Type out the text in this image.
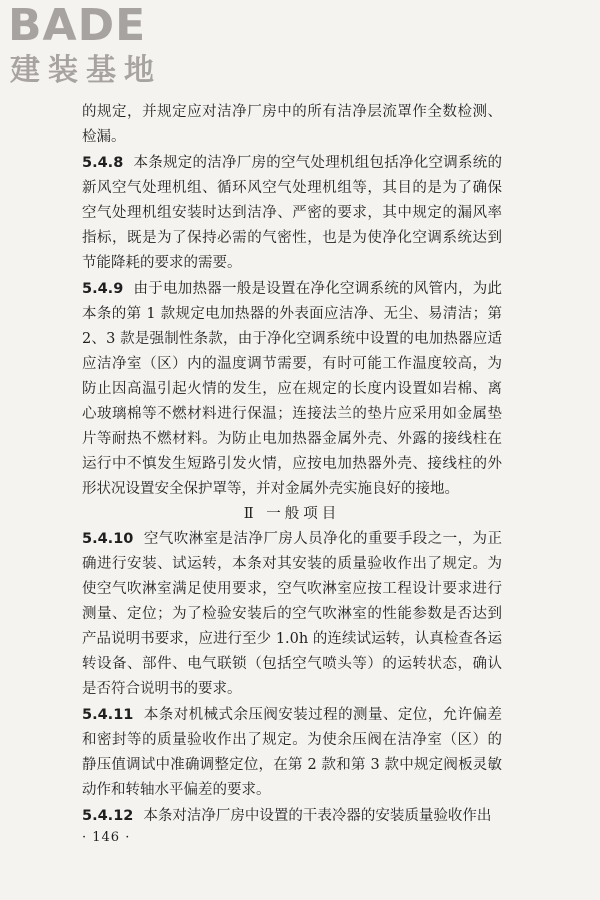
BADE
建装基地

的规定，并规定应对洁净厂房中的所有洁净层流罩作全数检测、检漏。

5.4.8 本条规定的洁净厂房的空气处理机组包括净化空调系统的新风空气处理机组、循环风空气处理机组等，其目的是为了确保空气处理机组安装时达到洁净、严密的要求，其中规定的漏风率指标，既是为了保持必需的气密性，也是为使净化空调系统达到节能降耗的要求的需要。

5.4.9 由于电加热器一般是设置在净化空调系统的风管内，为此本条的第 1 款规定电加热器的外表面应洁净、无尘、易清洁；第 2、3 款是强制性条款，由于净化空调系统中设置的电加热器应适应洁净室（区）内的温度调节需要，有时可能工作温度较高，为防止因高温引起火情的发生，应在规定的长度内设置如岩棉、离心玻璃棉等不燃材料进行保温；连接法兰的垫片应采用如金属垫片等耐热不燃材料。为防止电加热器金属外壳、外露的接线柱在运行中不慎发生短路引发火情，应按电加热器外壳、接线柱的外形状况设置安全保护罩等，并对金属外壳实施良好的接地。

Ⅱ 一般项目

5.4.10 空气吹淋室是洁净厂房人员净化的重要手段之一，为正确进行安装、试运转，本条对其安装的质量验收作出了规定。为使空气吹淋室满足使用要求，空气吹淋室应按工程设计要求进行测量、定位；为了检验安装后的空气吹淋室的性能参数是否达到产品说明书要求，应进行至少 1.0h 的连续试运转，认真检查各运转设备、部件、电气联锁（包括空气喷头等）的运转状态，确认是否符合说明书的要求。

5.4.11 本条对机械式余压阀安装过程的测量、定位，允许偏差和密封等的质量验收作出了规定。为使余压阀在洁净室（区）的静压值调试中准确调整定位，在第 2 款和第 3 款中规定阀板灵敏动作和转轴水平偏差的要求。

5.4.12 本条对洁净厂房中设置的干表冷器的安装质量验收作出

· 146 ·
